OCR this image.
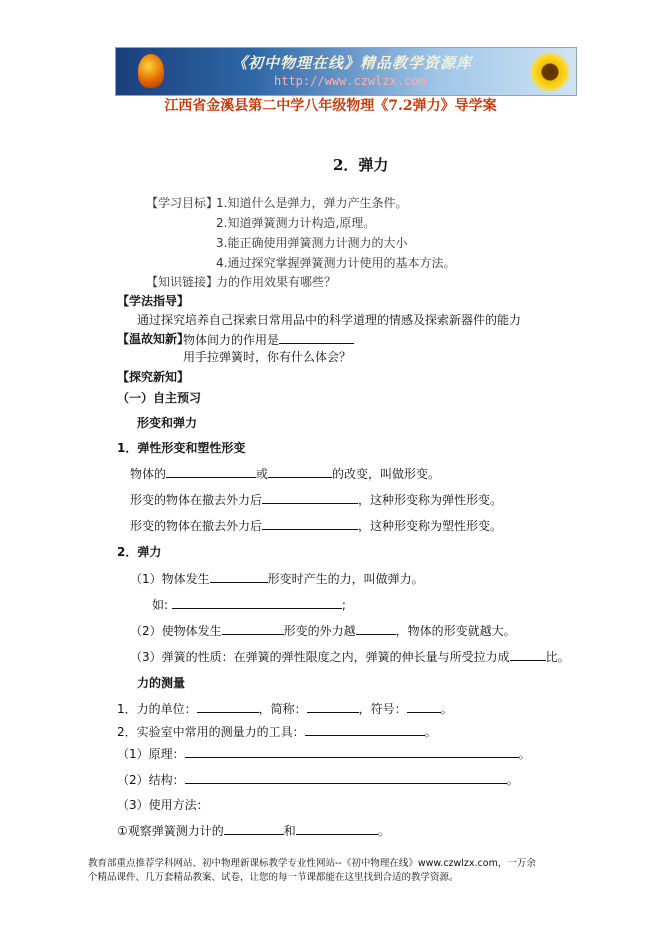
《初中物理在线》精品教学资源库
http://www.czwlzx.com
江西省金溪县第二中学八年级物理《7.2弹力》导学案
2．弹力
【学习目标】
1.知道什么是弹力，弹力产生条件。
2.知道弹簧测力计构造,原理。
3.能正确使用弹簧测力计测力的大小
4.通过探究掌握弹簧测力计使用的基本方法。
【知识链接】
力的作用效果有哪些？
【学法指导】
通过探究培养自己探索日常用品中的科学道理的情感及探索新器件的能力
【温故知新】
物体间力的作用是
用手拉弹簧时，你有什么体会？
【探究新知】
（一）自主预习
形变和弹力
1．弹性形变和塑性形变
物体的	或	的改变，叫做形变。
形变的物体在撤去外力后	，这种形变称为弹性形变。
形变的物体在撤去外力后	，这种形变称为塑性形变。
2．弹力
（1）物体发生	形变时产生的力，叫做弹力。
如:	;
（2）使物体发生	形变的外力越	，物体的形变就越大。
（3）弹簧的性质：在弹簧的弹性限度之内，弹簧的伸长量与所受拉力成	比。
力的测量
1．力的单位：	，简称：	，符号：	。
2．实验室中常用的测量力的工具：	。
（1）原理：	。
（2）结构：	。
（3）使用方法：
①观察弹簧测力计的	和	。
教育部重点推荐学科网站、初中物理新课标教学专业性网站--《初中物理在线》www.czwlzx.com，一万余
个精品课件、几万套精品教案、试卷，让您的每一节课都能在这里找到合适的教学资源。
